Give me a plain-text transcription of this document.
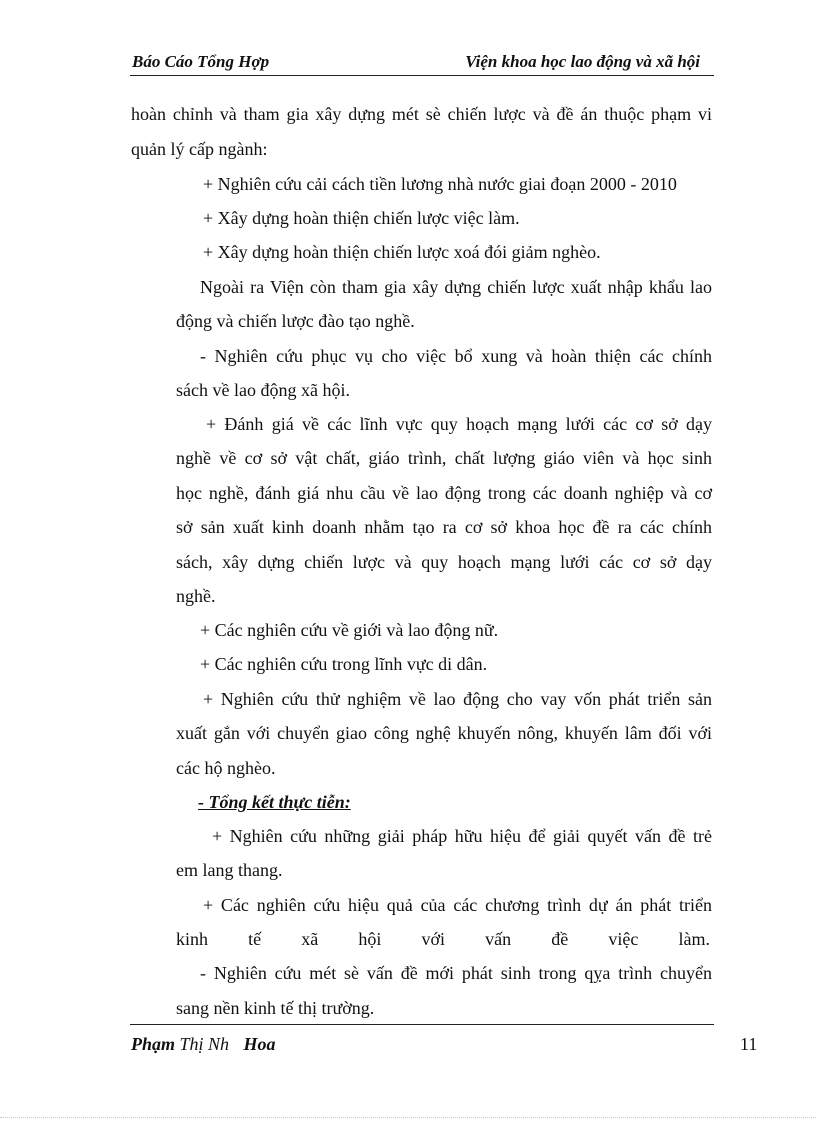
Báo Cáo Tổng Hợp	Viện khoa học lao động và xã hội
hoàn chỉnh và tham gia xây dựng mét sè chiến lược và đề án thuộc phạm vi
quản lý cấp ngành:
+ Nghiên cứu cải cách tiền lương nhà nước giai đoạn 2000 - 2010
+ Xây dựng hoàn thiện chiến lược việc làm.
+ Xây dựng hoàn thiện chiến lược xoá đói giảm nghèo.
Ngoài ra Viện còn tham gia xây dựng chiến lược xuất nhập khẩu lao
động và chiến lược đào tạo nghề.
- Nghiên cứu phục vụ cho việc bổ xung và hoàn thiện các chính
sách về lao động xã hội.
+ Đánh giá về các lĩnh vực quy hoạch mạng lưới các cơ sở dạy
nghề về cơ sở vật chất, giáo trình, chất lượng giáo viên và học sinh
học nghề, đánh giá nhu cầu về lao động trong các doanh nghiệp và cơ
sở sản xuất kinh doanh nhằm tạo ra cơ sở khoa học đề ra các chính
sách, xây dựng chiến lược và quy hoạch mạng lưới các cơ sở dạy
nghề.
+ Các nghiên cứu về giới và lao động nữ.
+ Các nghiên cứu trong lĩnh vực di dân.
+ Nghiên cứu thử nghiệm về lao động cho vay vốn phát triển sản
xuất gắn với chuyển giao công nghệ khuyến nông, khuyến lâm đối với
các hộ nghèo.
- Tổng kết thực tiễn:
+ Nghiên cứu những giải pháp hữu hiệu để giải quyết vấn đề trẻ
em lang thang.
+ Các nghiên cứu hiệu quả của các chương trình dự án phát triển
kinh tế xã hội với vấn đề việc làm.
- Nghiên cứu mét sè vấn đề mới phát sinh trong qỵa trình chuyển
sang nền kinh tế thị trường.
Phạm Thị Nh Hoa	11
